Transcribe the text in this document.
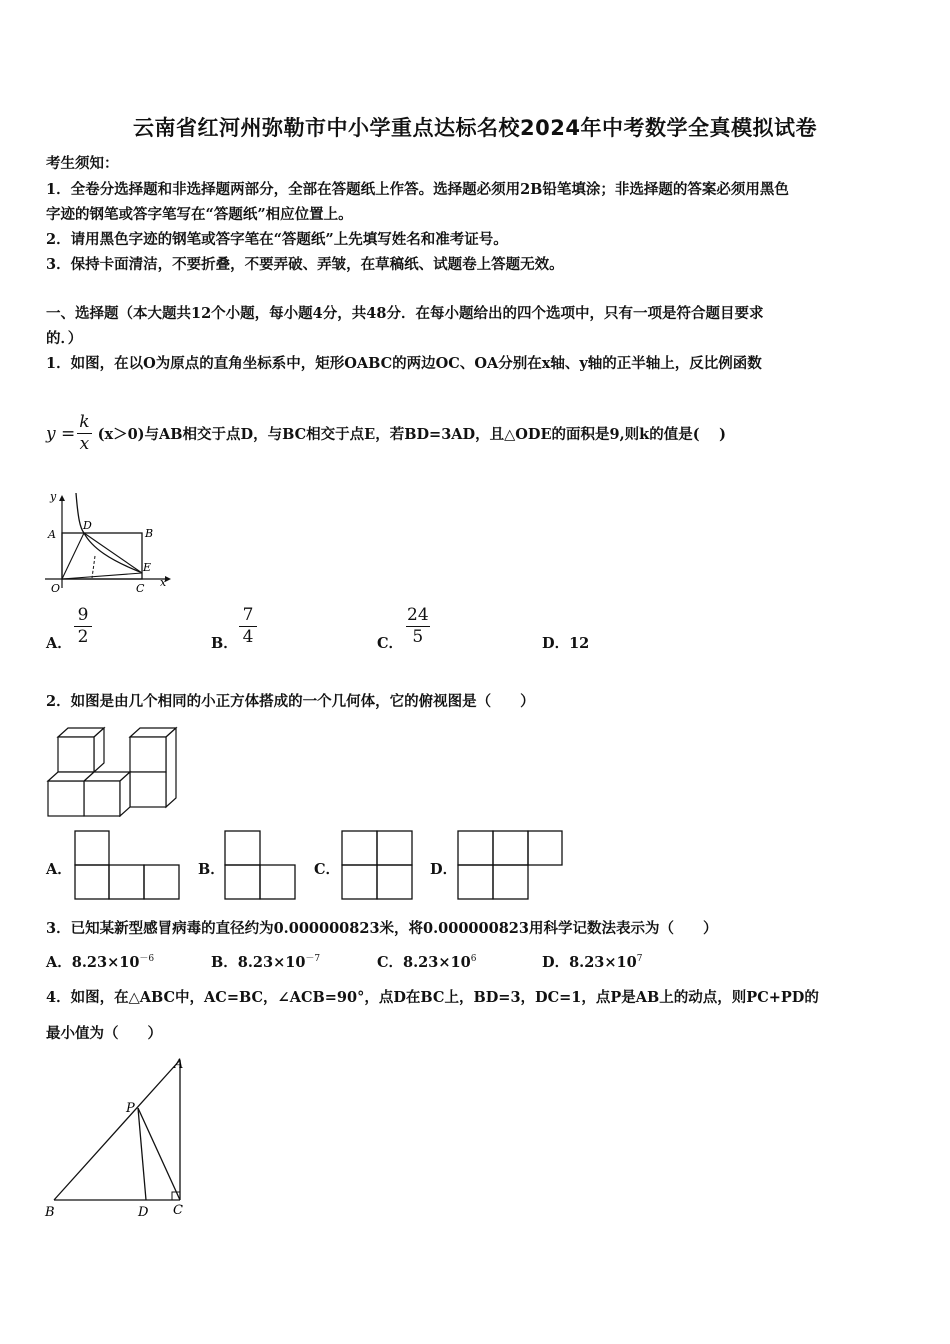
云南省红河州弥勒市中小学重点达标名校2024年中考数学全真模拟试卷
考生须知：
1．全卷分选择题和非选择题两部分，全部在答题纸上作答。选择题必须用2B铅笔填涂；非选择题的答案必须用黑色
字迹的钢笔或答字笔写在“答题纸”相应位置上。
2．请用黑色字迹的钢笔或答字笔在“答题纸”上先填写姓名和准考证号。
3．保持卡面清洁，不要折叠，不要弄破、弄皱，在草稿纸、试题卷上答题无效。
一、选择题（本大题共12个小题，每小题4分，共48分．在每小题给出的四个选项中，只有一项是符合题目要求
的．）
1．如图，在以O为原点的直角坐标系中，矩形OABC的两边OC、OA分别在x轴、y轴的正半轴上，反比例函数
$y = \frac{k}{x} (x>0)$与AB相交于点D，与BC相交于点E，若BD=3AD，且△ODE的面积是9,则k的值是(　 )
y
A
D
B
E
O	C x
A．
9
2	B．
7
4	C．
24
5	D．12
2．如图是由几个相同的小正方体搭成的一个几何体，它的俯视图是（　　）
A．	B．	C．	D．
3．已知某新型感冒病毒的直径约为0.000000823米，将0.000000823用科学记数法表示为（　　）
A．$8.23\times 10^{-6}$	B．$8.23\times 10^{-7}$	C．$8.23\times 10^6$	D．$8.23\times 10^7$
4．如图，在△ABC中，AC=BC，∠ACB=90°，点D在BC上，BD=3，DC=1，点P是AB上的动点，则PC+PD的
最小值为（　　）
A
P
B	D C
